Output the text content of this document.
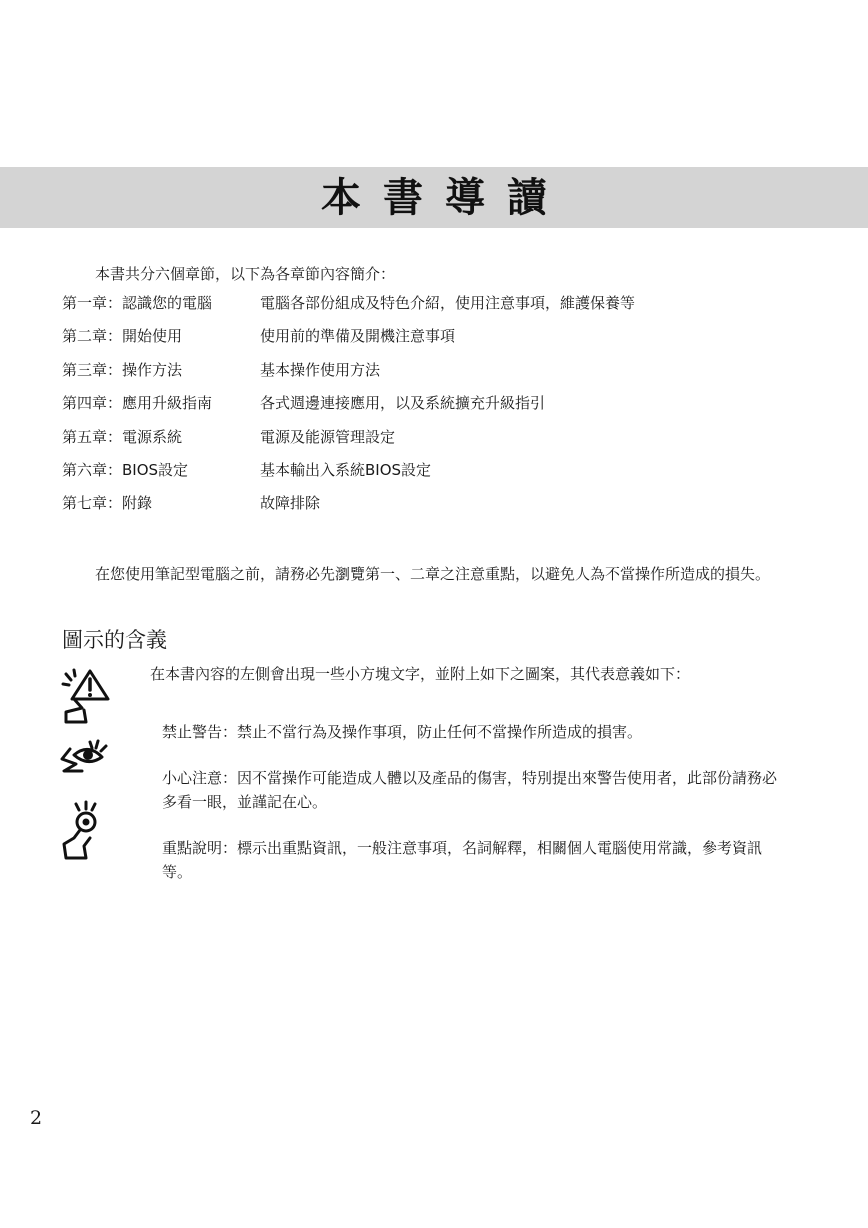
本書導讀
本書共分六個章節，以下為各章節內容簡介：
第一章：認識您的電腦	電腦各部份組成及特色介紹，使用注意事項，維護保養等
第二章：開始使用	使用前的準備及開機注意事項
第三章：操作方法	基本操作使用方法
第四章：應用升級指南	各式週邊連接應用，以及系統擴充升級指引
第五章：電源系統	電源及能源管理設定
第六章：BIOS設定	基本輸出入系統BIOS設定
第七章：附錄	故障排除
在您使用筆記型電腦之前，請務必先瀏覽第一、二章之注意重點，以避免人為不當操作所造成的損失。
圖示的含義
在本書內容的左側會出現一些小方塊文字，並附上如下之圖案，其代表意義如下：
禁止警告：禁止不當行為及操作事項，防止任何不當操作所造成的損害。
小心注意：因不當操作可能造成人體以及產品的傷害，特別提出來警告使用者，此部份請務必多看一眼，並謹記在心。
重點說明：標示出重點資訊，一般注意事項，名詞解釋，相關個人電腦使用常識，參考資訊等。
2
